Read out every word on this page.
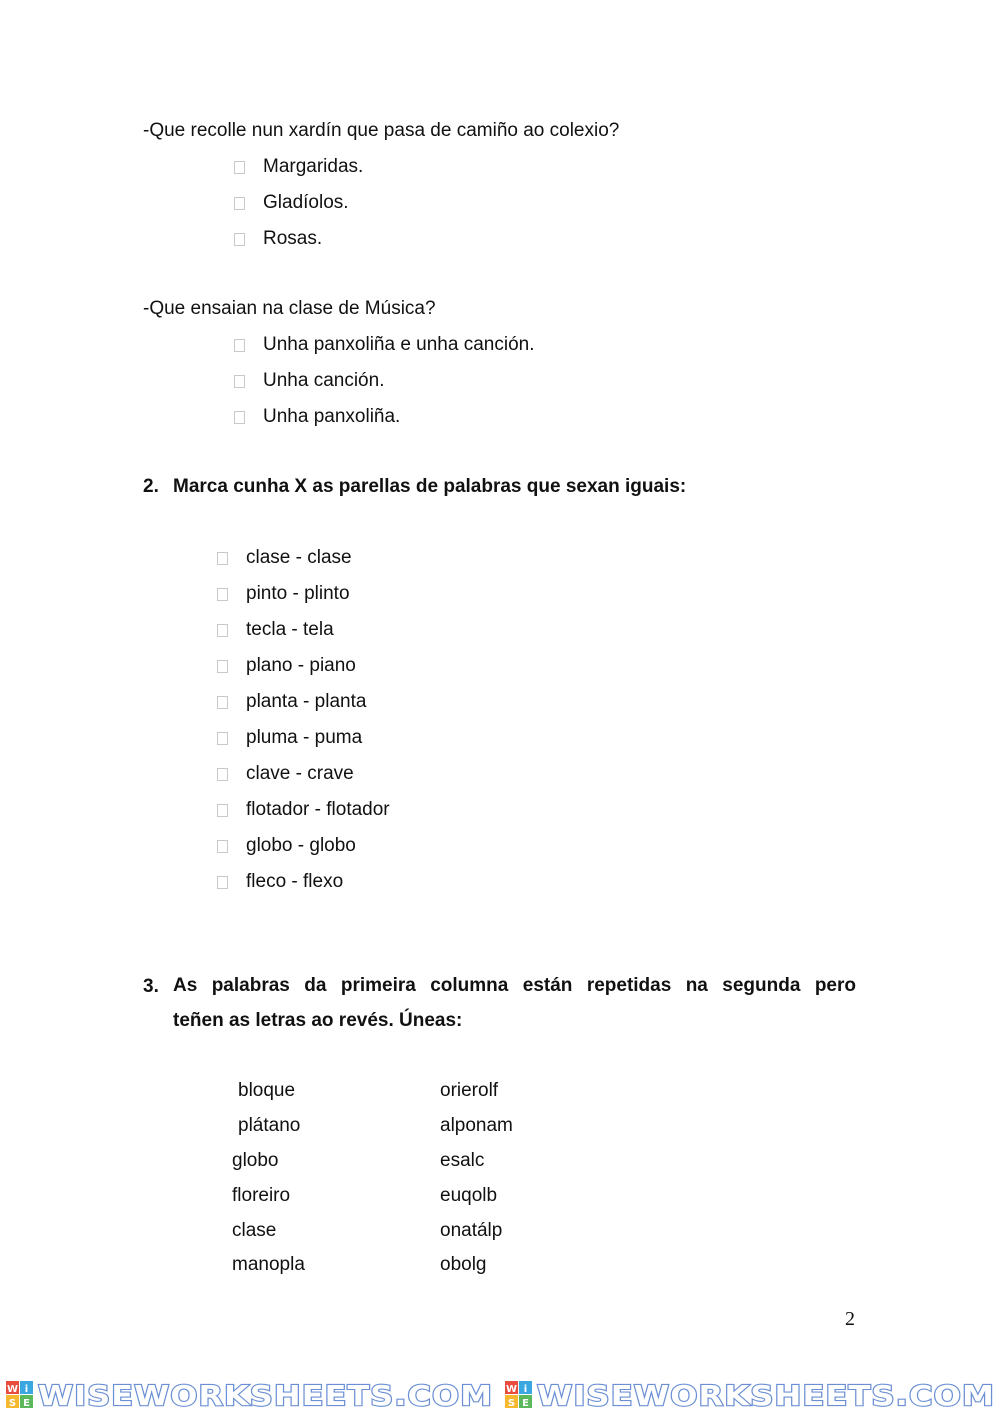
-Que recolle nun xardín que pasa de camiño ao colexio?
Margaridas.
Gladíolos.
Rosas.
-Que ensaian na clase de Música?
Unha panxoliña e unha canción.
Unha canción.
Unha panxoliña.
2. Marca cunha X as parellas de palabras que sexan iguais:
clase - clase
pinto - plinto
tecla - tela
plano - piano
planta - planta
pluma - puma
clave - crave
flotador - flotador
globo - globo
fleco - flexo
3. As palabras da primeira columna están repetidas na segunda pero
teñen as letras ao revés. Úneas:
bloque
plátano
globo
floreiro
clase
manopla
orierolf
alponam
esalc
euqolb
onatálp
obolg
2
W i
S E WISEWORKSHEETS.COM W i
S E WISEWORKSHEETS.COM
